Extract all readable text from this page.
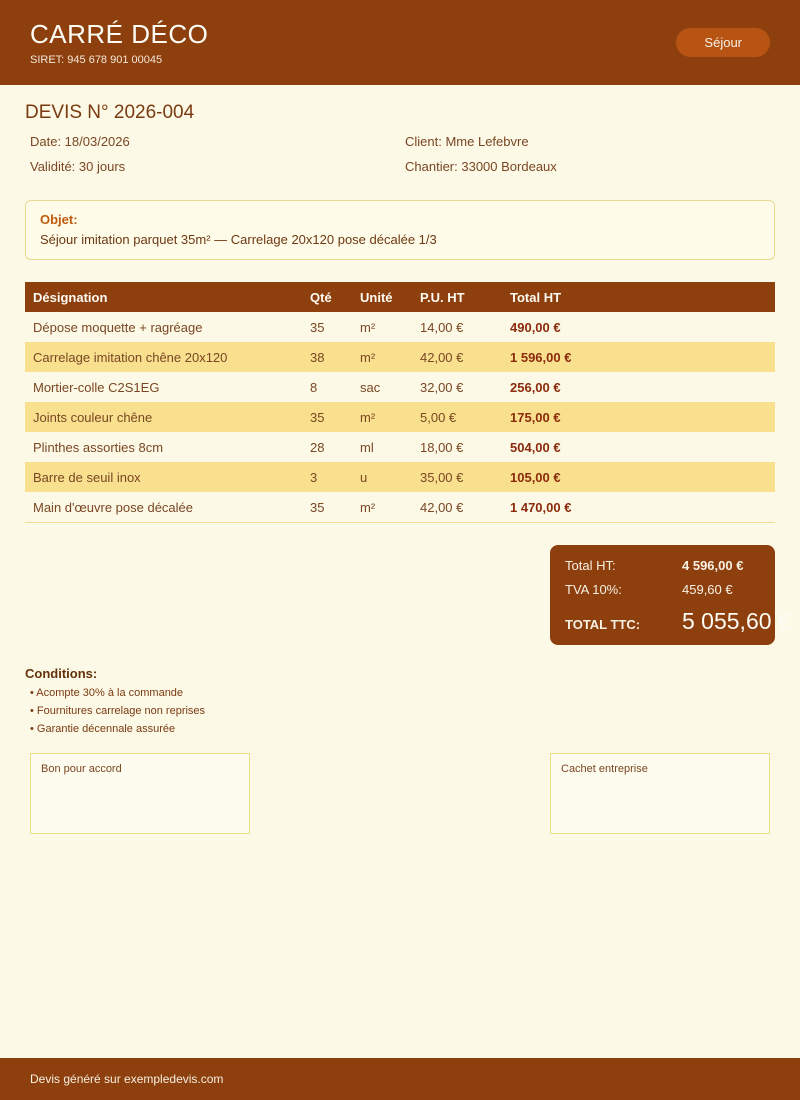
CARRÉ DÉCO
SIRET: 945 678 901 00045
Séjour
DEVIS N° 2026-004
Date: 18/03/2026	Client: Mme Lefebvre
Validité: 30 jours	Chantier: 33000 Bordeaux
Objet:
Séjour imitation parquet 35m² — Carrelage 20x120 pose décalée 1/3
Désignation	Qté	Unité	P.U. HT	Total HT
Dépose moquette + ragréage	35	m²	14,00 €	490,00 €
Carrelage imitation chêne 20x120	38	m²	42,00 €	1 596,00 €
Mortier-colle C2S1EG	8	sac	32,00 €	256,00 €
Joints couleur chêne	35	m²	5,00 €	175,00 €
Plinthes assorties 8cm	28	ml	18,00 €	504,00 €
Barre de seuil inox	3	u	35,00 €	105,00 €
Main d'œuvre pose décalée	35	m²	42,00 €	1 470,00 €
Total HT:	4 596,00 €
TVA 10%:	459,60 €
TOTAL TTC:	5 055,60 €
Conditions:
• Acompte 30% à la commande
• Fournitures carrelage non reprises
• Garantie décennale assurée
Bon pour accord	Cachet entreprise
Devis généré sur exempledevis.com
